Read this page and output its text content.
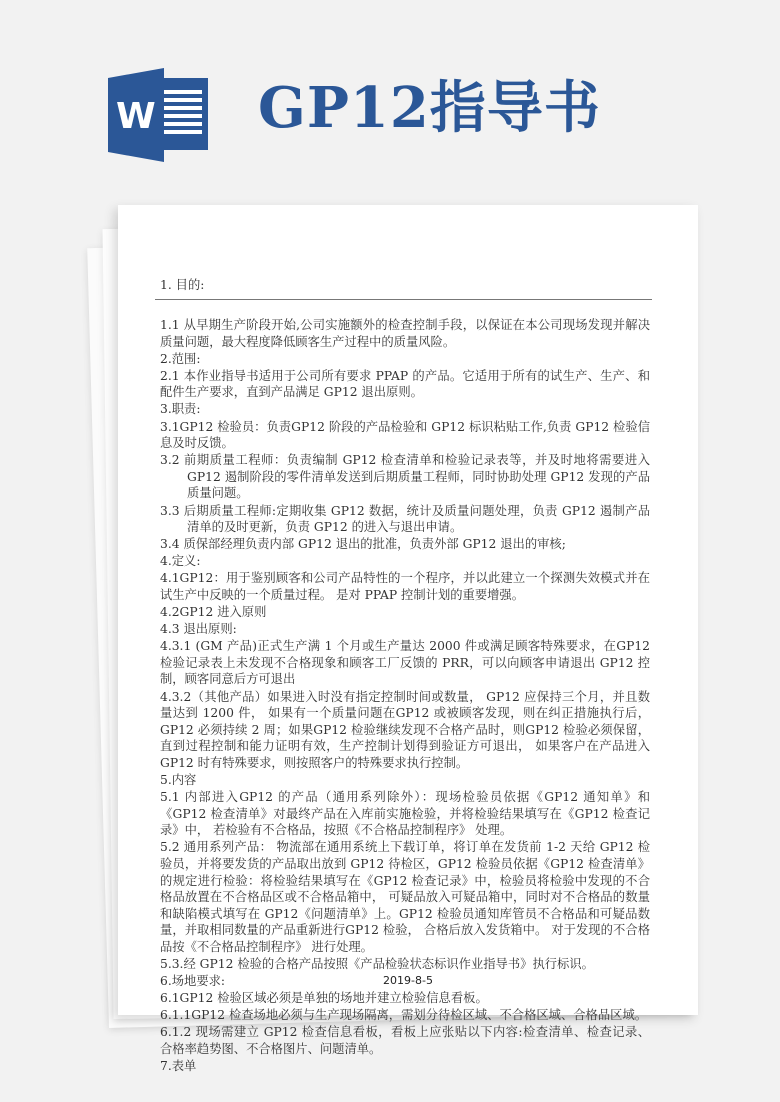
W GP12指导书
1. 目的:

1.1 从早期生产阶段开始,公司实施额外的检查控制手段，以保证在本公司现场发现并解决质量问题，最大程度降低顾客生产过程中的质量风险。

2.范围:

2.1 本作业指导书适用于公司所有要求 PPAP 的产品。它适用于所有的试生产、生产、和配件生产要求，直到产品满足 GP12 退出原则。

3.职责:

3.1GP12 检验员：负责GP12 阶段的产品检验和 GP12 标识粘贴工作,负责 GP12 检验信息及时反馈。

3.2 前期质量工程师：负责编制 GP12 检查清单和检验记录表等，并及时地将需要进入 GP12 遏制阶段的零件清单发送到后期质量工程师，同时协助处理 GP12 发现的产品质量问题。

3.3 后期质量工程师:定期收集 GP12 数据，统计及质量问题处理，负责 GP12 遏制产品清单的及时更新，负责 GP12 的进入与退出申请。

3.4 质保部经理负责内部 GP12 退出的批准，负责外部 GP12 退出的审核;

4.定义:

4.1GP12：用于鉴别顾客和公司产品特性的一个程序，并以此建立一个探测失效模式并在试生产中反映的一个质量过程。 是对 PPAP 控制计划的重要增强。

4.2GP12 进入原则

4.3 退出原则:

4.3.1 (GM 产品)正式生产满 1 个月或生产量达 2000 件或满足顾客特殊要求，在GP12 检验记录表上未发现不合格现象和顾客工厂反馈的 PRR，可以向顾客申请退出 GP12 控制，顾客同意后方可退出

4.3.2（其他产品）如果进入时没有指定控制时间或数量， GP12 应保持三个月，并且数量达到 1200 件， 如果有一个质量问题在GP12 或被顾客发现，则在纠正措施执行后， GP12 必须持续 2 周；如果GP12 检验继续发现不合格产品时，则GP12 检验必须保留，直到过程控制和能力证明有效，生产控制计划得到验证方可退出， 如果客户在产品进入 GP12 时有特殊要求，则按照客户的特殊要求执行控制。

5.内容

5.1 内部进入GP12 的产品（通用系列除外）：现场检验员依据《GP12 通知单》和《GP12 检查清单》对最终产品在入库前实施检验，并将检验结果填写在《GP12 检查记录》中， 若检验有不合格品，按照《不合格品控制程序》 处理。

5.2 通用系列产品： 物流部在通用系统上下载订单，将订单在发货前 1-2 天给 GP12 检验员，并将要发货的产品取出放到 GP12 待检区，GP12 检验员依据《GP12 检查清单》的规定进行检验：将检验结果填写在《GP12 检查记录》中，检验员将检验中发现的不合格品放置在不合格品区或不合格品箱中， 可疑品放入可疑品箱中，同时对不合格品的数量和缺陷模式填写在 GP12《问题清单》上。GP12 检验员通知库管员不合格品和可疑品数量，并取相同数量的产品重新进行GP12 检验， 合格后放入发货箱中。 对于发现的不合格品按《不合格品控制程序》 进行处理。

5.3.经 GP12 检验的合格产品按照《产品检验状态标识作业指导书》执行标识。

6.场地要求:

6.1GP12 检验区域必须是单独的场地并建立检验信息看板。

6.1.1GP12 检查场地必须与生产现场隔离，需划分待检区域、不合格区域、合格品区域。

6.1.2 现场需建立 GP12 检查信息看板，看板上应张贴以下内容:检查清单、检查记录、 合格率趋势图、不合格图片、问题清单。

7.表单

2019-8-5
